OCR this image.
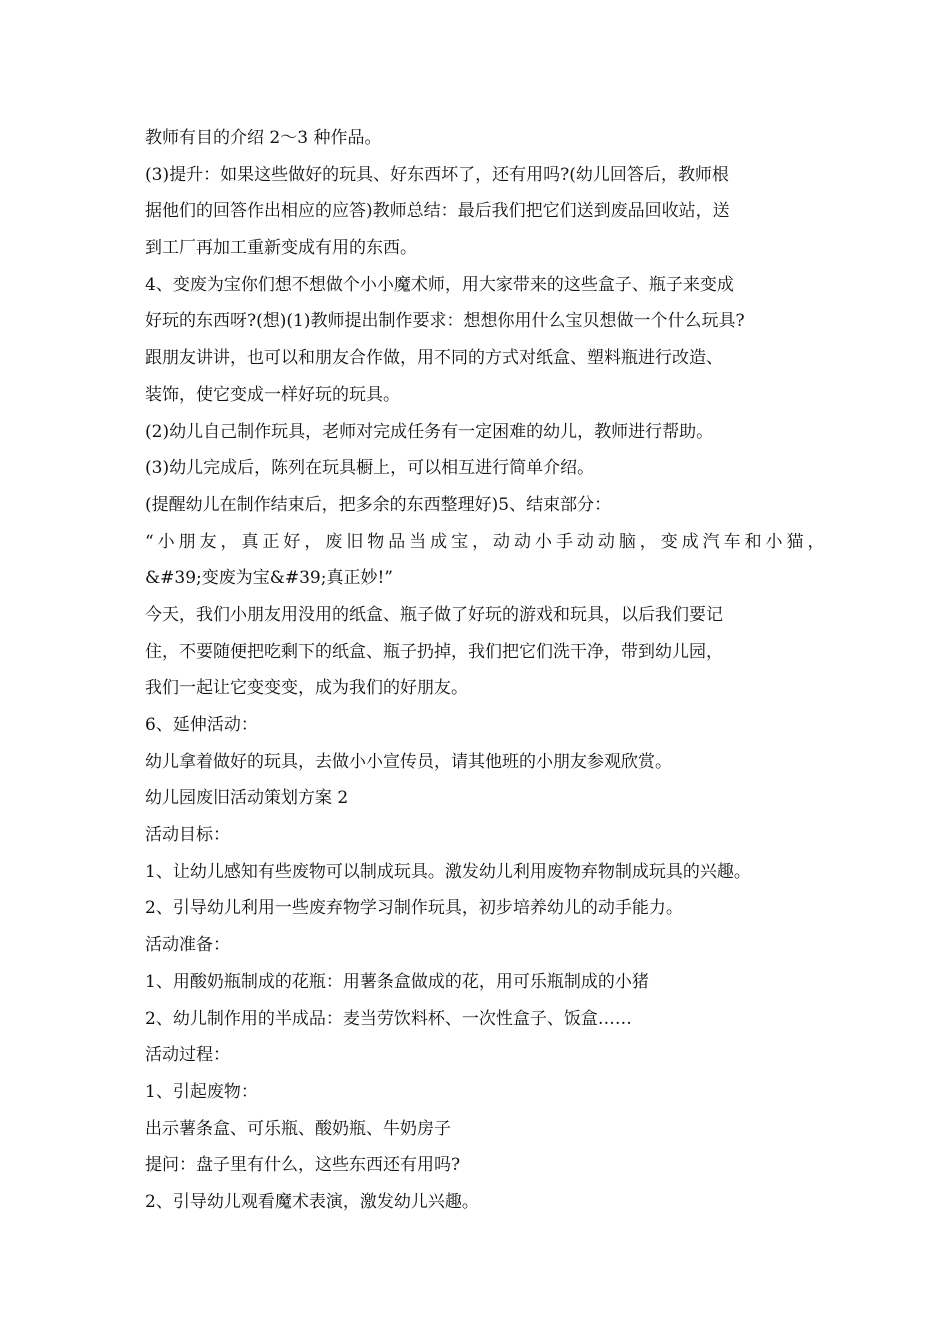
教师有目的介绍 2～3 种作品。
(3)提升：如果这些做好的玩具、好东西坏了，还有用吗?(幼儿回答后，教师根
据他们的回答作出相应的应答)教师总结：最后我们把它们送到废品回收站，送
到工厂再加工重新变成有用的东西。
4、变废为宝你们想不想做个小小魔术师，用大家带来的这些盒子、瓶子来变成
好玩的东西呀?(想)(1)教师提出制作要求：想想你用什么宝贝想做一个什么玩具?
跟朋友讲讲，也可以和朋友合作做，用不同的方式对纸盒、塑料瓶进行改造、
装饰，使它变成一样好玩的玩具。
(2)幼儿自己制作玩具，老师对完成任务有一定困难的幼儿，教师进行帮助。
(3)幼儿完成后，陈列在玩具橱上，可以相互进行简单介绍。
(提醒幼儿在制作结束后，把多余的东西整理好)5、结束部分：
“小朋友，真正好，废旧物品当成宝，动动小手动动脑，变成汽车和小猫，
&#39;变废为宝&#39;真正妙!”
今天，我们小朋友用没用的纸盒、瓶子做了好玩的游戏和玩具，以后我们要记
住，不要随便把吃剩下的纸盒、瓶子扔掉，我们把它们洗干净，带到幼儿园，
我们一起让它变变变，成为我们的好朋友。
6、延伸活动：
幼儿拿着做好的玩具，去做小小宣传员，请其他班的小朋友参观欣赏。
幼儿园废旧活动策划方案 2
活动目标：
1、让幼儿感知有些废物可以制成玩具。激发幼儿利用废物弃物制成玩具的兴趣。
2、引导幼儿利用一些废弃物学习制作玩具，初步培养幼儿的动手能力。
活动准备：
1、用酸奶瓶制成的花瓶：用薯条盒做成的花，用可乐瓶制成的小猪
2、幼儿制作用的半成品：麦当劳饮料杯、一次性盒子、饭盒……
活动过程：
1、引起废物：
出示薯条盒、可乐瓶、酸奶瓶、牛奶房子
提问：盘子里有什么，这些东西还有用吗?
2、引导幼儿观看魔术表演，激发幼儿兴趣。
